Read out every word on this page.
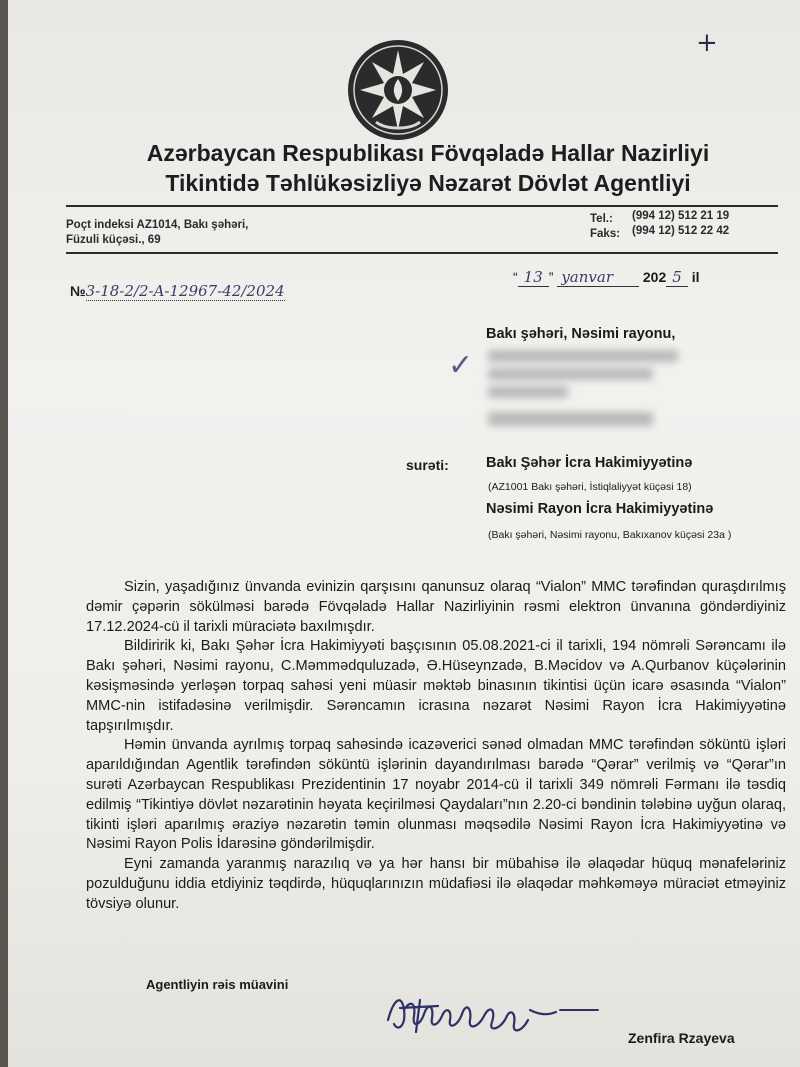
+
Azərbaycan Respublikası Fövqəladə Hallar Nazirliyi
Tikintidə Təhlükəsizliyə Nəzarət Dövlət Agentliyi
Poçt indeksi AZ1014, Bakı şəhəri,
Füzuli küçəsi., 69
Tel.: (994 12) 512 21 19
Faks: (994 12) 512 22 42
№3-18-2/2-A-12967-42/2024
“ 13 ” yanvar 202 5 il
✓
Bakı şəhəri, Nəsimi rayonu,
surəti:	Bakı Şəhər İcra Hakimiyyətinə
(AZ1001 Bakı şəhəri, İstiqlaliyyət küçəsi 18)
Nəsimi Rayon İcra Hakimiyyətinə
(Bakı şəhəri, Nəsimi rayonu, Bakıxanov küçəsi 23a )

Sizin, yaşadığınız ünvanda evinizin qarşısını qanunsuz olaraq “Vialon” MMC tərəfindən quraşdırılmış dəmir çəpərin sökülməsi barədə Fövqəladə Hallar Nazirliyinin rəsmi elektron ünvanına göndərdiyiniz 17.12.2024-cü il tarixli müraciətə baxılmışdır.

Bildiririk ki, Bakı Şəhər İcra Hakimiyyəti başçısının 05.08.2021-ci il tarixli, 194 nömrəli Sərəncamı ilə Bakı şəhəri, Nəsimi rayonu, C.Məmmədquluzadə, Ə.Hüseynzadə, B.Məcidov və A.Qurbanov küçələrinin kəsişməsində yerləşən torpaq sahəsi yeni müasir məktəb binasının tikintisi üçün icarə əsasında “Vialon” MMC-nin istifadəsinə verilmişdir. Sərəncamın icrasına nəzarət Nəsimi Rayon İcra Hakimiyyətinə tapşırılmışdır.

Həmin ünvanda ayrılmış torpaq sahəsində icazəverici sənəd olmadan MMC tərəfindən söküntü işləri aparıldığından Agentlik tərəfindən söküntü işlərinin dayandırılması barədə “Qərar” verilmiş və “Qərar”ın surəti Azərbaycan Respublikası Prezidentinin 17 noyabr 2014-cü il tarixli 349 nömrəli Fərmanı ilə təsdiq edilmiş “Tikintiyə dövlət nəzarətinin həyata keçirilməsi Qaydaları”nın 2.20-ci bəndinin tələbinə uyğun olaraq, tikinti işləri aparılmış əraziyə nəzarətin təmin olunması məqsədilə Nəsimi Rayon İcra Hakimiyyətinə və Nəsimi Rayon Polis İdarəsinə göndərilmişdir.

Eyni zamanda yaranmış narazılıq və ya hər hansı bir mübahisə ilə əlaqədar hüquq mənafeləriniz pozulduğunu iddia etdiyiniz təqdirdə, hüquqlarınızın müdafiəsi ilə əlaqədar məhkəməyə müraciət etməyiniz tövsiyə olunur.

Agentliyin rəis müavini
Zenfira Rzayeva
